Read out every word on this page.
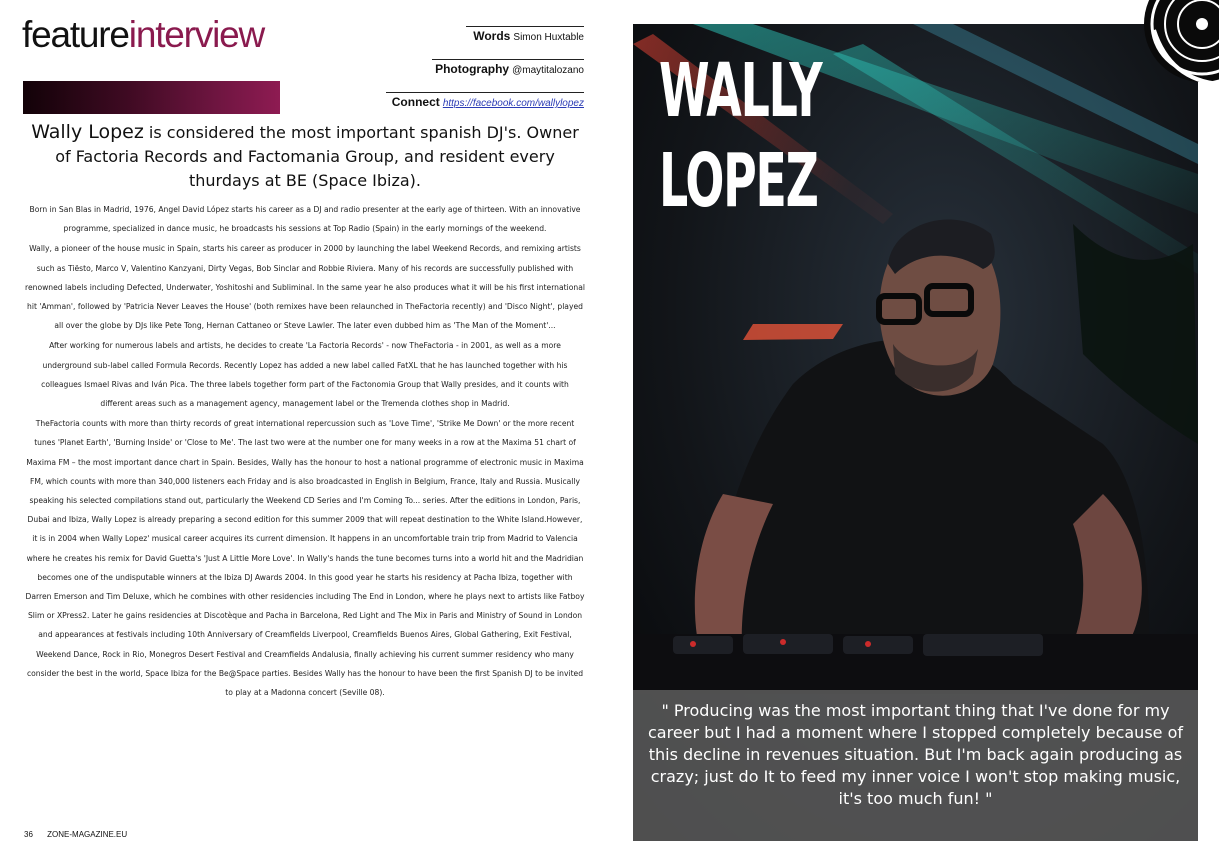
featureinterview	Words Simon Huxtable
Photography @maytitalozano
Connect https://facebook.com/wallylopez
Wally Lopez is considered the most important spanish DJ's. Owner of Factoria Records and Factomania Group, and resident every thurdays at BE (Space Ibiza).

Born in San Blas in Madrid, 1976, Angel David López starts his career as a DJ and radio presenter at the early age of thirteen. With an innovative programme, specialized in dance music, he broadcasts his sessions at Top Radio (Spain) in the early mornings of the weekend.

Wally, a pioneer of the house music in Spain, starts his career as producer in 2000 by launching the label Weekend Records, and remixing artists such as Tiësto, Marco V, Valentino Kanzyani, Dirty Vegas, Bob Sinclar and Robbie Riviera. Many of his records are successfully published with renowned labels including Defected, Underwater, Yoshitoshi and Subliminal. In the same year he also produces what it will be his first international hit 'Amman', followed by 'Patricia Never Leaves the House' (both remixes have been relaunched in TheFactoria recently) and 'Disco Night', played all over the globe by DJs like Pete Tong, Hernan Cattaneo or Steve Lawler. The later even dubbed him as 'The Man of the Moment'...

After working for numerous labels and artists, he decides to create 'La Factoria Records' - now TheFactoria - in 2001, as well as a more underground sub-label called Formula Records. Recently Lopez has added a new label called FatXL that he has launched together with his colleagues Ismael Rivas and Iván Pica. The three labels together form part of the Factonomia Group that Wally presides, and it counts with different areas such as a management agency, management label or the Tremenda clothes shop in Madrid.

TheFactoria counts with more than thirty records of great international repercussion such as 'Love Time', 'Strike Me Down' or the more recent tunes 'Planet Earth', 'Burning Inside' or 'Close to Me'. The last two were at the number one for many weeks in a row at the Maxima 51 chart of Maxima FM – the most important dance chart in Spain. Besides, Wally has the honour to host a national programme of electronic music in Maxima FM, which counts with more than 340,000 listeners each Friday and is also broadcasted in English in Belgium, France, Italy and Russia. Musically speaking his selected compilations stand out, particularly the Weekend CD Series and I'm Coming To... series. After the editions in London, Paris, Dubai and Ibiza, Wally Lopez is already preparing a second edition for this summer 2009 that will repeat destination to the White Island.However, it is in 2004 when Wally Lopez' musical career acquires its current dimension. It happens in an uncomfortable train trip from Madrid to Valencia where he creates his remix for David Guetta's 'Just A Little More Love'. In Wally's hands the tune becomes turns into a world hit and the Madridian becomes one of the undisputable winners at the Ibiza DJ Awards 2004. In this good year he starts his residency at Pacha Ibiza, together with Darren Emerson and Tim Deluxe, which he combines with other residencies including The End in London, where he plays next to artists like Fatboy Slim or XPress2. Later he gains residencies at Discotèque and Pacha in Barcelona, Red Light and The Mix in Paris and Ministry of Sound in London and appearances at festivals including 10th Anniversary of Creamfields Liverpool, Creamfields Buenos Aires, Global Gathering, Exit Festival, Weekend Dance, Rock in Rio, Monegros Desert Festival and Creamfields Andalusia, finally achieving his current summer residency who many consider the best in the world, Space Ibiza for the Be@Space parties. Besides Wally has the honour to have been the first Spanish DJ to be invited to play at a Madonna concert (Seville 08).

36 ZONE-MAGAZINE.EU
WALLY
LOPEZ
" Producing was the most important thing that I've done for my career but I had a moment where I stopped completely because of this decline in revenues situation. But I'm back again producing as crazy; just do It to feed my inner voice I won't stop making music, it's too much fun! "
